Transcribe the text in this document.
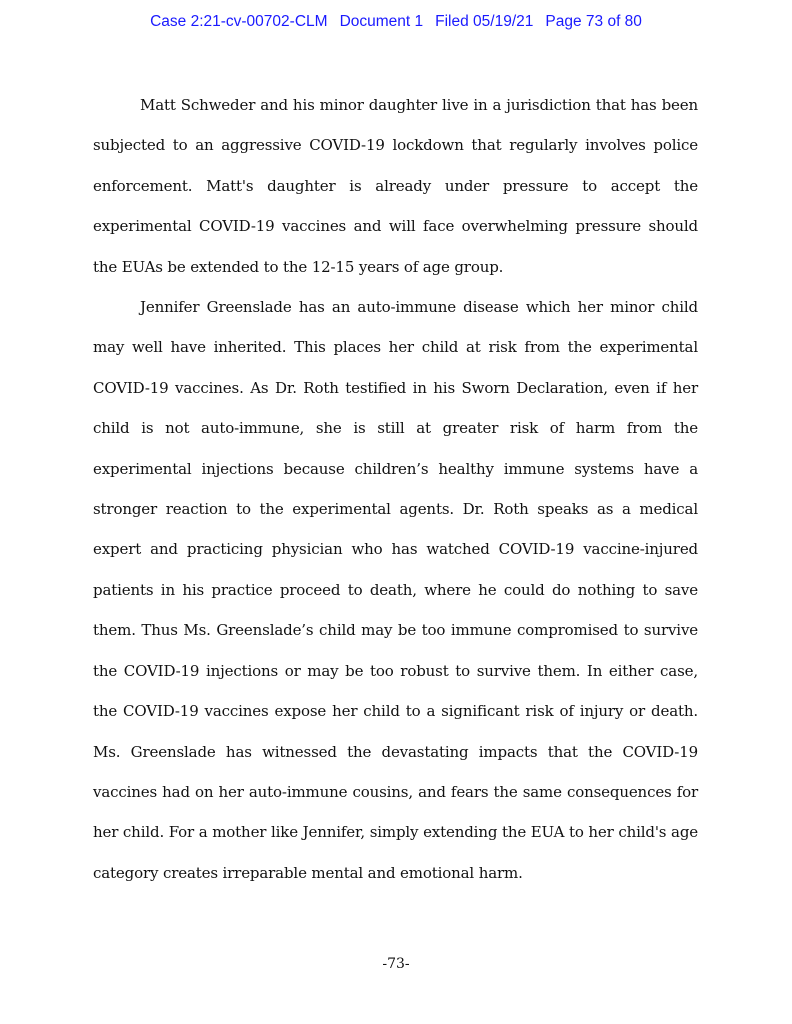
Case 2:21-cv-00702-CLM Document 1 Filed 05/19/21 Page 73 of 80

Matt Schweder and his minor daughter live in a jurisdiction that has been subjected to an aggressive COVID-19 lockdown that regularly involves police enforcement. Matt's daughter is already under pressure to accept the experimental COVID-19 vaccines and will face overwhelming pressure should the EUAs be extended to the 12-15 years of age group.

Jennifer Greenslade has an auto-immune disease which her minor child may well have inherited. This places her child at risk from the experimental COVID-19 vaccines. As Dr. Roth testified in his Sworn Declaration, even if her child is not auto-immune, she is still at greater risk of harm from the experimental injections because children’s healthy immune systems have a stronger reaction to the experimental agents. Dr. Roth speaks as a medical expert and practicing physician who has watched COVID-19 vaccine-injured patients in his practice proceed to death, where he could do nothing to save them. Thus Ms. Greenslade’s child may be too immune compromised to survive the COVID-19 injections or may be too robust to survive them. In either case, the COVID-19 vaccines expose her child to a significant risk of injury or death. Ms. Greenslade has witnessed the devastating impacts that the COVID-19 vaccines had on her auto-immune cousins, and fears the same consequences for her child. For a mother like Jennifer, simply extending the EUA to her child's age category creates irreparable mental and emotional harm.

-73-
